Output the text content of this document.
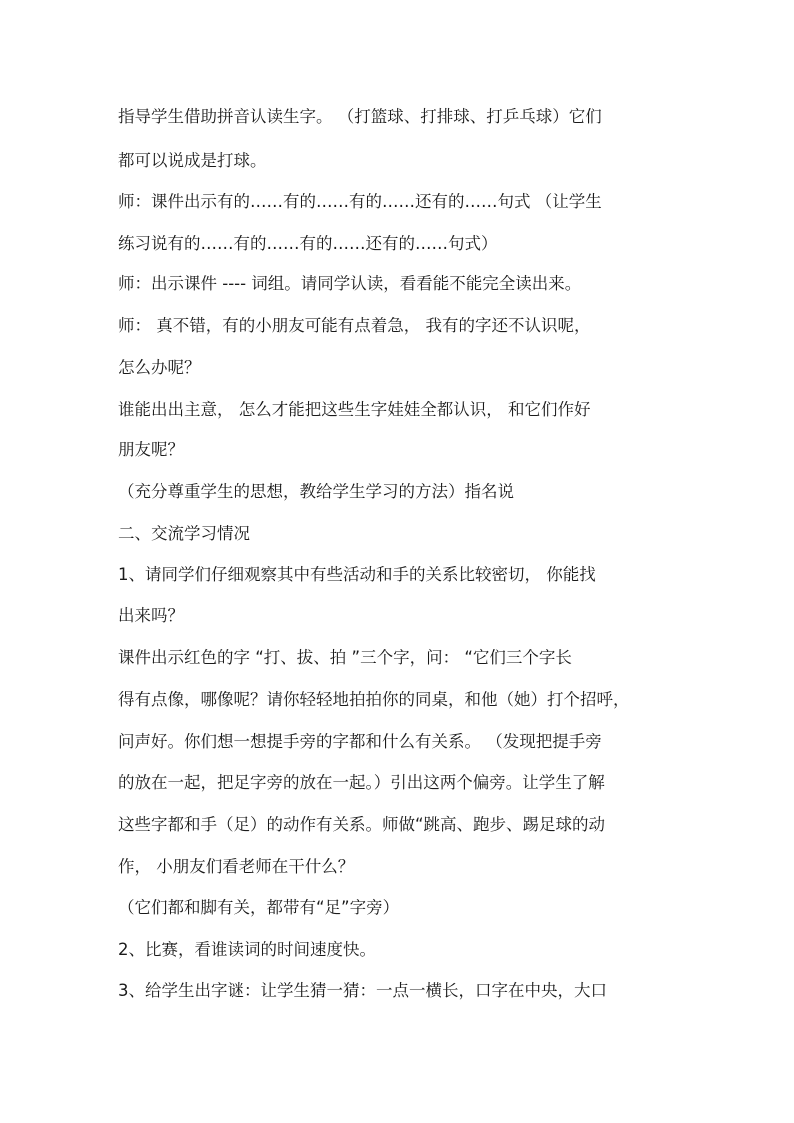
指导学生借助拼音认读生字。 （打篮球、打排球、打乒乓球）它们
都可以说成是打球。
师：课件出示有的……有的……有的……还有的……句式 （让学生
练习说有的……有的……有的……还有的……句式）
师：出示课件 ---- 词组。请同学认读，看看能不能完全读出来。
师： 真不错，有的小朋友可能有点着急， 我有的字还不认识呢，
怎么办呢？
谁能出出主意， 怎么才能把这些生字娃娃全都认识， 和它们作好
朋友呢？
（充分尊重学生的思想，教给学生学习的方法）指名说
二、交流学习情况
1、请同学们仔细观察其中有些活动和手的关系比较密切， 你能找
出来吗？
课件出示红色的字 “打、拔、拍 ”三个字，问： “它们三个字长
得有点像，哪像呢？请你轻轻地拍拍你的同桌，和他（她）打个招呼，
问声好。你们想一想提手旁的字都和什么有关系。 （发现把提手旁
的放在一起，把足字旁的放在一起。）引出这两个偏旁。让学生了解
这些字都和手（足）的动作有关系。师做“跳高、跑步、踢足球的动
作， 小朋友们看老师在干什么？
（它们都和脚有关，都带有“足”字旁）
2、比赛，看谁读词的时间速度快。
3、给学生出字谜：让学生猜一猜：一点一横长，口字在中央，大口
